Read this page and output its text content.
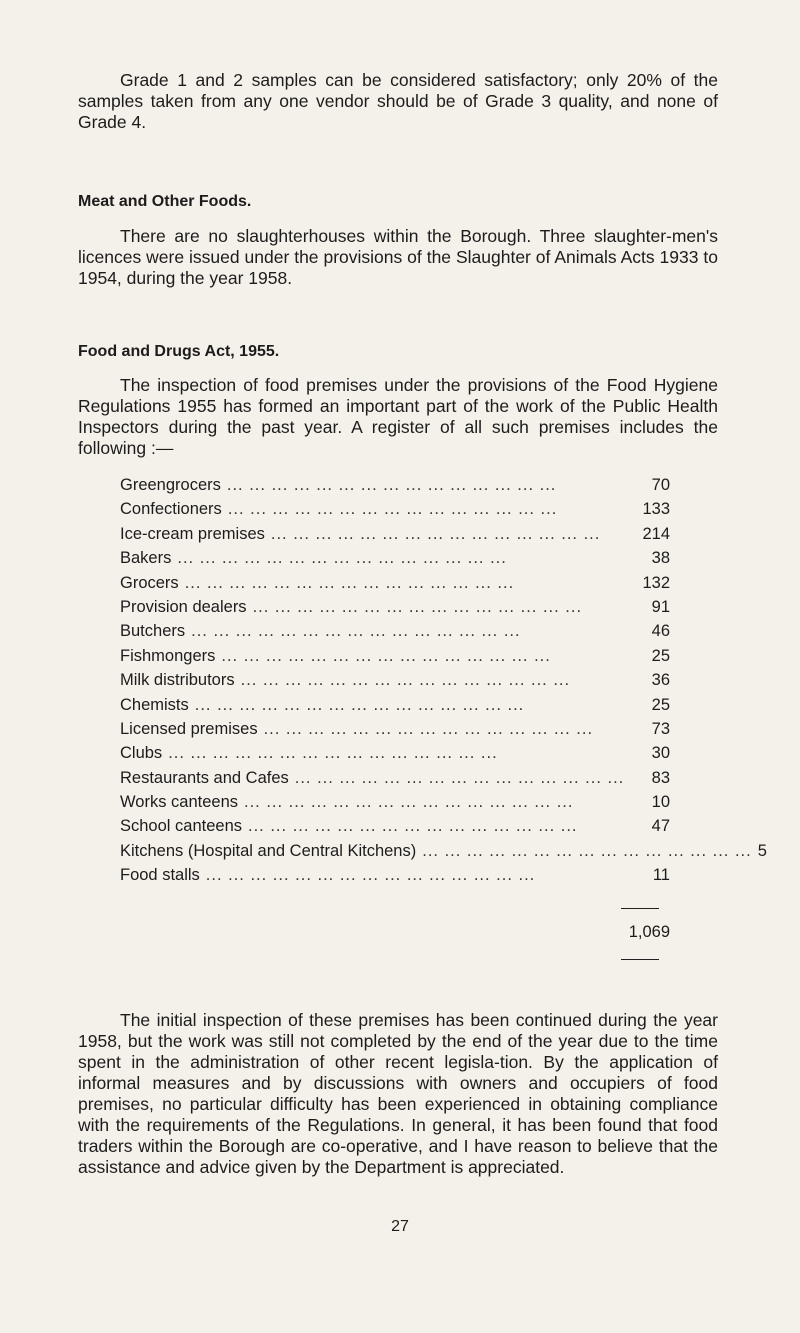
Grade 1 and 2 samples can be considered satisfactory; only 20% of the samples taken from any one vendor should be of Grade 3 quality, and none of Grade 4.

Meat and Other Foods.

There are no slaughterhouses within the Borough. Three slaughter-men's licences were issued under the provisions of the Slaughter of Animals Acts 1933 to 1954, during the year 1958.

Food and Drugs Act, 1955.

The inspection of food premises under the provisions of the Food Hygiene Regulations 1955 has formed an important part of the work of the Public Health Inspectors during the past year. A register of all such premises includes the following :—

Greengrocers ... ... ... ... ... ... ... ... ... ... ... ... ... ... ...	70
Confectioners ... ... ... ... ... ... ... ... ... ... ... ... ... ... ...	133
Ice-cream premises ... ... ... ... ... ... ... ... ... ... ... ... ... ... ...	214
Bakers ... ... ... ... ... ... ... ... ... ... ... ... ... ... ...	38
Grocers ... ... ... ... ... ... ... ... ... ... ... ... ... ... ...	132
Provision dealers ... ... ... ... ... ... ... ... ... ... ... ... ... ... ...	91
Butchers ... ... ... ... ... ... ... ... ... ... ... ... ... ... ...	46
Fishmongers ... ... ... ... ... ... ... ... ... ... ... ... ... ... ...	25
Milk distributors ... ... ... ... ... ... ... ... ... ... ... ... ... ... ...	36
Chemists ... ... ... ... ... ... ... ... ... ... ... ... ... ... ...	25
Licensed premises ... ... ... ... ... ... ... ... ... ... ... ... ... ... ...	73
Clubs ... ... ... ... ... ... ... ... ... ... ... ... ... ... ...	30
Restaurants and Cafes ... ... ... ... ... ... ... ... ... ... ... ... ... ... ...	83
Works canteens ... ... ... ... ... ... ... ... ... ... ... ... ... ... ...	10
School canteens ... ... ... ... ... ... ... ... ... ... ... ... ... ... ...	47
Kitchens (Hospital and Central Kitchens) ... ... ... ... ... ... ... ... ... ... ... ... ... ... ... 5
Food stalls ... ... ... ... ... ... ... ... ... ... ... ... ... ... ...	11
1,069

The initial inspection of these premises has been continued during the year 1958, but the work was still not completed by the end of the year due to the time spent in the administration of other recent legisla-tion. By the application of informal measures and by discussions with owners and occupiers of food premises, no particular difficulty has been experienced in obtaining compliance with the requirements of the Regulations. In general, it has been found that food traders within the Borough are co-operative, and I have reason to believe that the assistance and advice given by the Department is appreciated.

27
